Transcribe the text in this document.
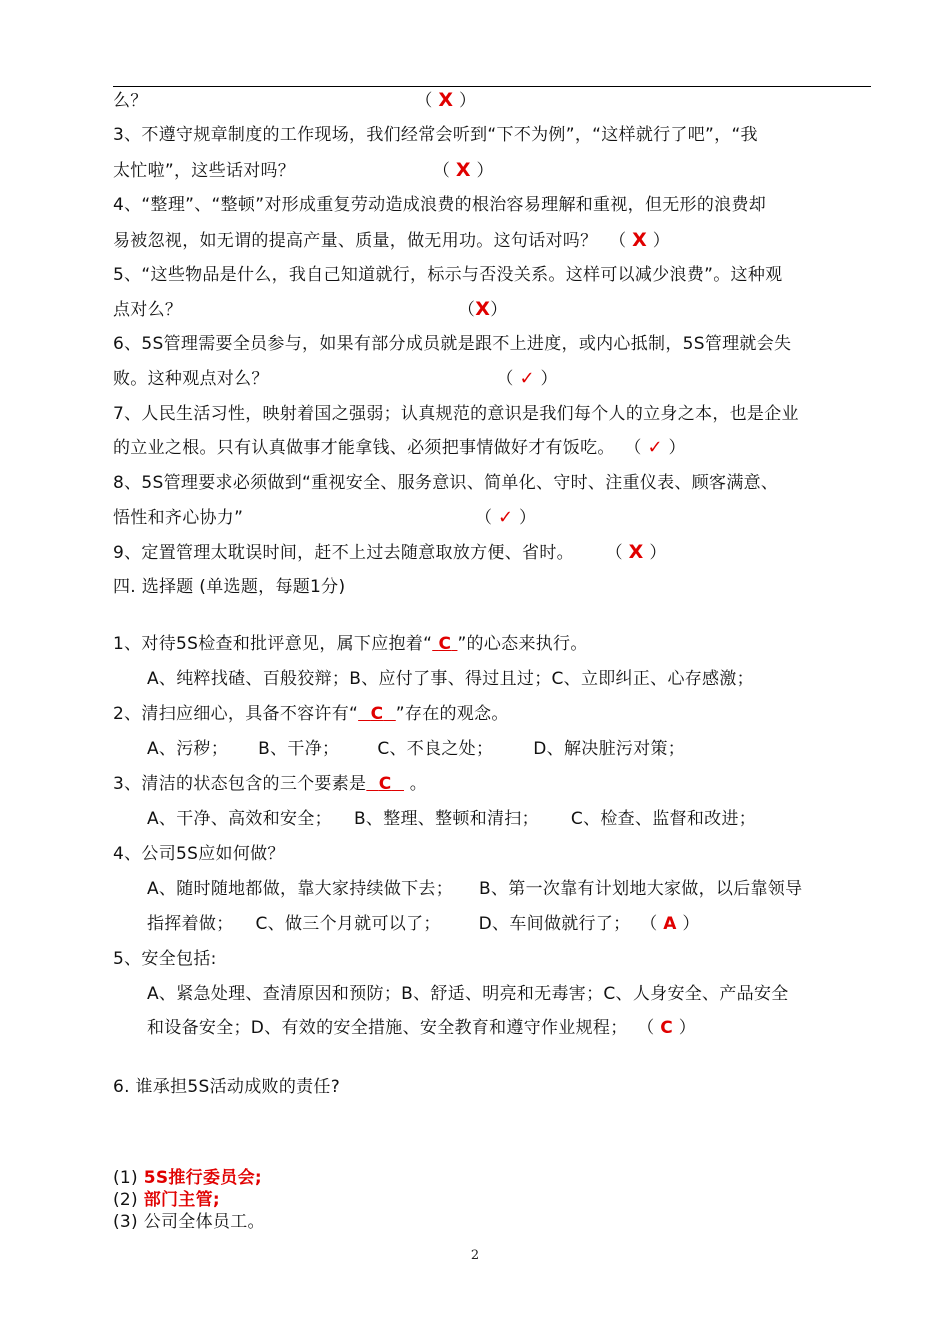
么？	（ X ）
3、不遵守规章制度的工作现场，我们经常会听到“下不为例”，“这样就行了吧”，“我
太忙啦”，这些话对吗？	（ X ）
4、“整理”、“整顿”对形成重复劳动造成浪费的根治容易理解和重视，但无形的浪费却
易被忽视，如无谓的提高产量、质量，做无用功。这句话对吗？ （ X ）
5、“这些物品是什么，我自己知道就行，标示与否没关系。这样可以减少浪费”。这种观
点对么？	（X）
6、5S管理需要全员参与，如果有部分成员就是跟不上进度，或内心抵制，5S管理就会失
败。这种观点对么？	（ ✓ ）
7、人民生活习性，映射着国之强弱；认真规范的意识是我们每个人的立身之本，也是企业
的立业之根。只有认真做事才能拿钱、必须把事情做好才有饭吃。 （ ✓ ）
8、5S管理要求必须做到“重视安全、服务意识、简单化、守时、注重仪表、顾客满意、
悟性和齐心协力”	（ ✓ ）
9、定置管理太耽误时间，赶不上过去随意取放方便、省时。 （ X ）
四. 选择题 (单选题，每题1分)
1、对待5S检查和批评意见，属下应抱着“ C ”的心态来执行。
A、纯粹找碴、百般狡辩；B、应付了事、得过且过；C、立即纠正、心存感激；
2、清扫应细心，具备不容许有“ C ”存在的观念。
A、污秽； B、干净； C、不良之处； D、解决脏污对策；
3、清洁的状态包含的三个要素是 C 。
A、干净、高效和安全； B、整理、整顿和清扫； C、检查、监督和改进；
4、公司5S应如何做？
A、随时随地都做，靠大家持续做下去； B、第一次靠有计划地大家做，以后靠领导
指挥着做； C、做三个月就可以了； D、车间做就行了； （ A ）
5、安全包括:
A、紧急处理、查清原因和预防；B、舒适、明亮和无毒害；C、人身安全、产品安全
和设备安全；D、有效的安全措施、安全教育和遵守作业规程； （ C ）
6. 谁承担5S活动成败的责任?
(1) 5S推行委员会;
(2) 部门主管;
(3) 公司全体员工。
2
